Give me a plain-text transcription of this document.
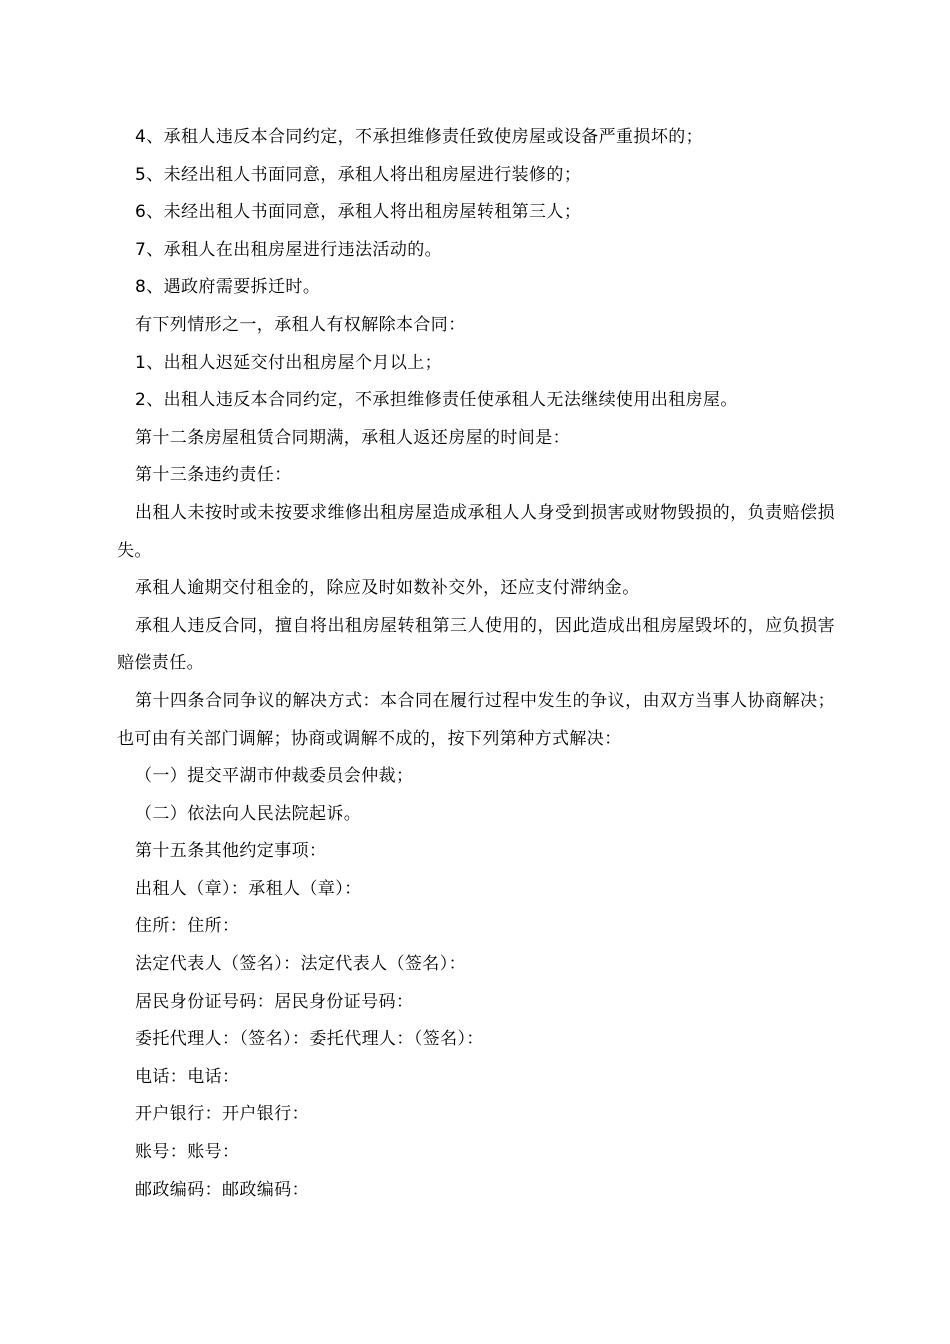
4、承租人违反本合同约定，不承担维修责任致使房屋或设备严重损坏的；

5、未经出租人书面同意，承租人将出租房屋进行装修的；

6、未经出租人书面同意，承租人将出租房屋转租第三人；

7、承租人在出租房屋进行违法活动的。

8、遇政府需要拆迁时。

有下列情形之一，承租人有权解除本合同：

1、出租人迟延交付出租房屋个月以上；

2、出租人违反本合同约定，不承担维修责任使承租人无法继续使用出租房屋。

第十二条房屋租赁合同期满，承租人返还房屋的时间是：

第十三条违约责任：

出租人未按时或未按要求维修出租房屋造成承租人人身受到损害或财物毁损的，负责赔偿损失。

承租人逾期交付租金的，除应及时如数补交外，还应支付滞纳金。

承租人违反合同，擅自将出租房屋转租第三人使用的，因此造成出租房屋毁坏的，应负损害赔偿责任。

第十四条合同争议的解决方式：本合同在履行过程中发生的争议，由双方当事人协商解决；也可由有关部门调解；协商或调解不成的，按下列第种方式解决：

（一）提交平湖市仲裁委员会仲裁；

（二）依法向人民法院起诉。

第十五条其他约定事项：

出租人（章）：承租人（章）：

住所：住所：

法定代表人（签名）：法定代表人（签名）：

居民身份证号码：居民身份证号码：

委托代理人：（签名）：委托代理人：（签名）：

电话：电话：

开户银行：开户银行：

账号：账号：

邮政编码：邮政编码：
